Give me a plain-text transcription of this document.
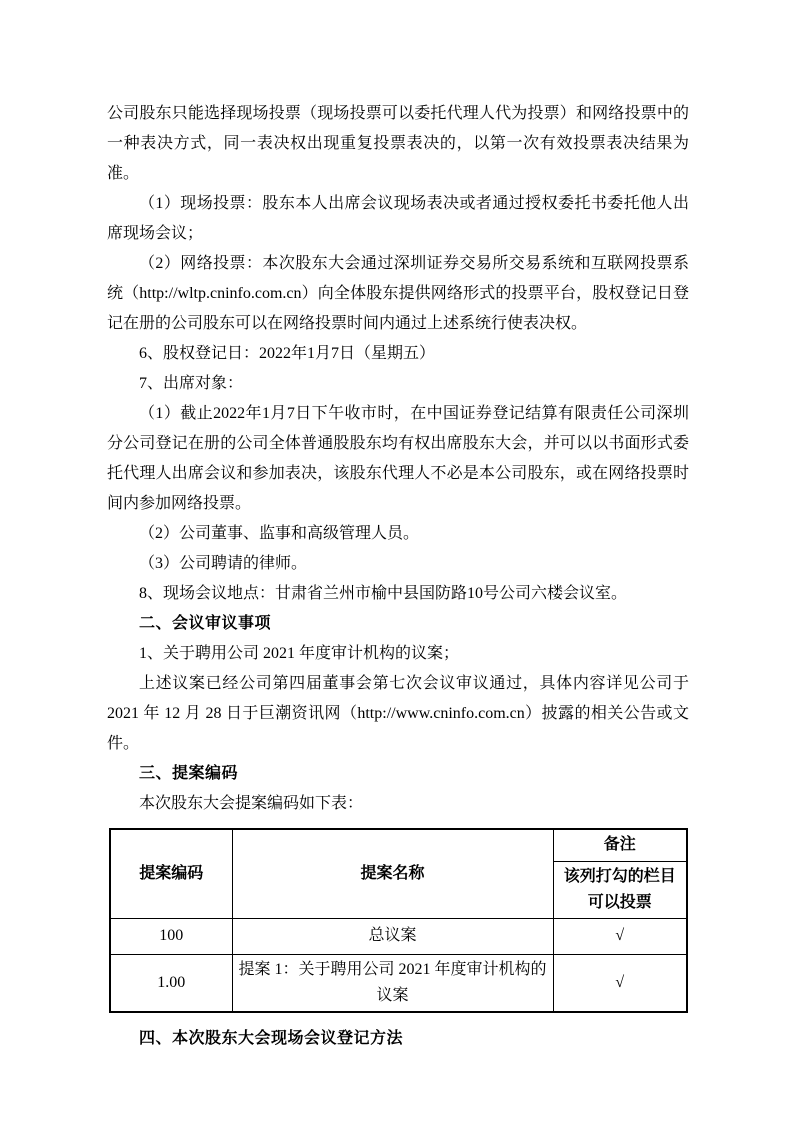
公司股东只能选择现场投票（现场投票可以委托代理人代为投票）和网络投票中的一种表决方式，同一表决权出现重复投票表决的，以第一次有效投票表决结果为准。

（1）现场投票：股东本人出席会议现场表决或者通过授权委托书委托他人出席现场会议；

（2）网络投票：本次股东大会通过深圳证券交易所交易系统和互联网投票系统（http://wltp.cninfo.com.cn）向全体股东提供网络形式的投票平台，股权登记日登记在册的公司股东可以在网络投票时间内通过上述系统行使表决权。

6、股权登记日：2022年1月7日（星期五）

7、出席对象：

（1）截止2022年1月7日下午收市时，在中国证券登记结算有限责任公司深圳分公司登记在册的公司全体普通股股东均有权出席股东大会，并可以以书面形式委托代理人出席会议和参加表决，该股东代理人不必是本公司股东，或在网络投票时间内参加网络投票。

（2）公司董事、监事和高级管理人员。

（3）公司聘请的律师。

8、现场会议地点：甘肃省兰州市榆中县国防路10号公司六楼会议室。

二、会议审议事项

1、关于聘用公司 2021 年度审计机构的议案；

上述议案已经公司第四届董事会第七次会议审议通过，具体内容详见公司于 2021 年 12 月 28 日于巨潮资讯网（http://www.cninfo.com.cn）披露的相关公告或文件。

三、提案编码

本次股东大会提案编码如下表：

提案编码	提案名称	备注
		该列打勾的栏目可以投票
100	总议案	√
1.00	提案 1：关于聘用公司 2021 年度审计机构的议案	√

四、本次股东大会现场会议登记方法
